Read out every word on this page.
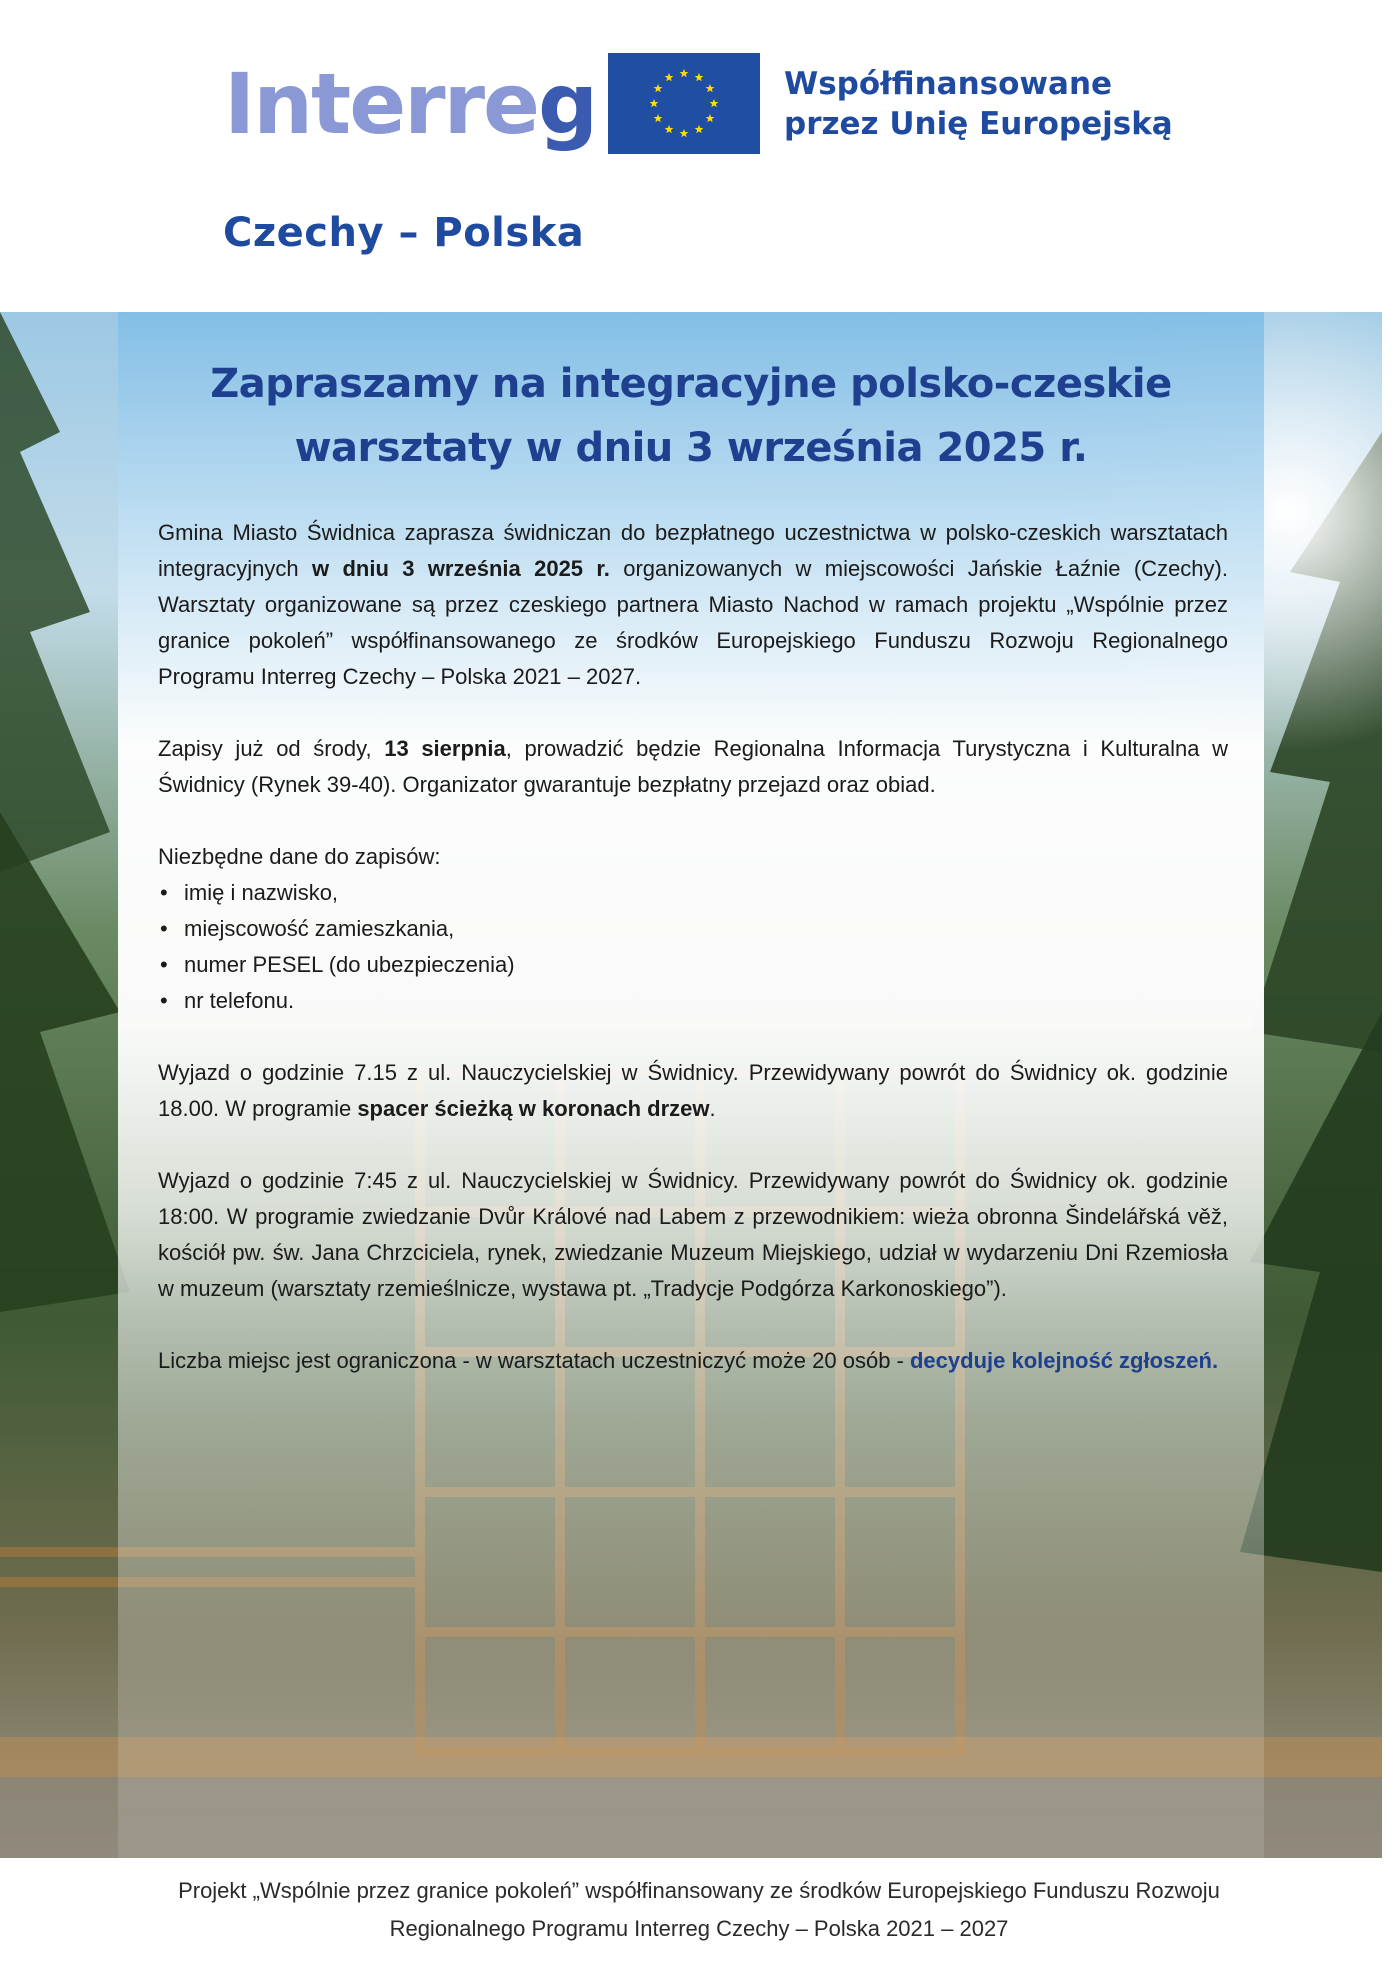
Interreg	Współfinansowane
przez Unię Europejską
Czechy – Polska
Zapraszamy na integracyjne polsko-czeskie
warsztaty w dniu 3 września 2025 r.

Gmina Miasto Świdnica zaprasza świdniczan do bezpłatnego uczestnictwa w polsko-czeskich warsztatach integracyjnych w dniu 3 września 2025 r. organizowanych w miejscowości Jańskie Łaźnie (Czechy). Warsztaty organizowane są przez czeskiego partnera Miasto Nachod w ramach projektu „Wspólnie przez granice pokoleń” współfinansowanego ze środków Europejskiego Funduszu Rozwoju Regionalnego Programu Interreg Czechy – Polska 2021 – 2027.

Zapisy już od środy, 13 sierpnia, prowadzić będzie Regionalna Informacja Turystyczna i Kulturalna w Świdnicy (Rynek 39-40). Organizator gwarantuje bezpłatny przejazd oraz obiad.

Niezbędne dane do zapisów:
• imię i nazwisko,
• miejscowość zamieszkania,
• numer PESEL (do ubezpieczenia)
• nr telefonu.

Wyjazd o godzinie 7.15 z ul. Nauczycielskiej w Świdnicy. Przewidywany powrót do Świdnicy ok. godzinie 18.00. W programie spacer ścieżką w koronach drzew.

Wyjazd o godzinie 7:45 z ul. Nauczycielskiej w Świdnicy. Przewidywany powrót do Świdnicy ok. godzinie 18:00. W programie zwiedzanie Dvůr Králové nad Labem z przewodnikiem: wieża obronna Šindelářská věž, kościół pw. św. Jana Chrzciciela, rynek, zwiedzanie Muzeum Miejskiego, udział w wydarzeniu Dni Rzemiosła w muzeum (warsztaty rzemieślnicze, wystawa pt. „Tradycje Podgórza Karkonoskiego”).

Liczba miejsc jest ograniczona - w warsztatach uczestniczyć może 20 osób - decyduje kolejność zgłoszeń.

Projekt „Wspólnie przez granice pokoleń” współfinansowany ze środków Europejskiego Funduszu Rozwoju
Regionalnego Programu Interreg Czechy – Polska 2021 – 2027
